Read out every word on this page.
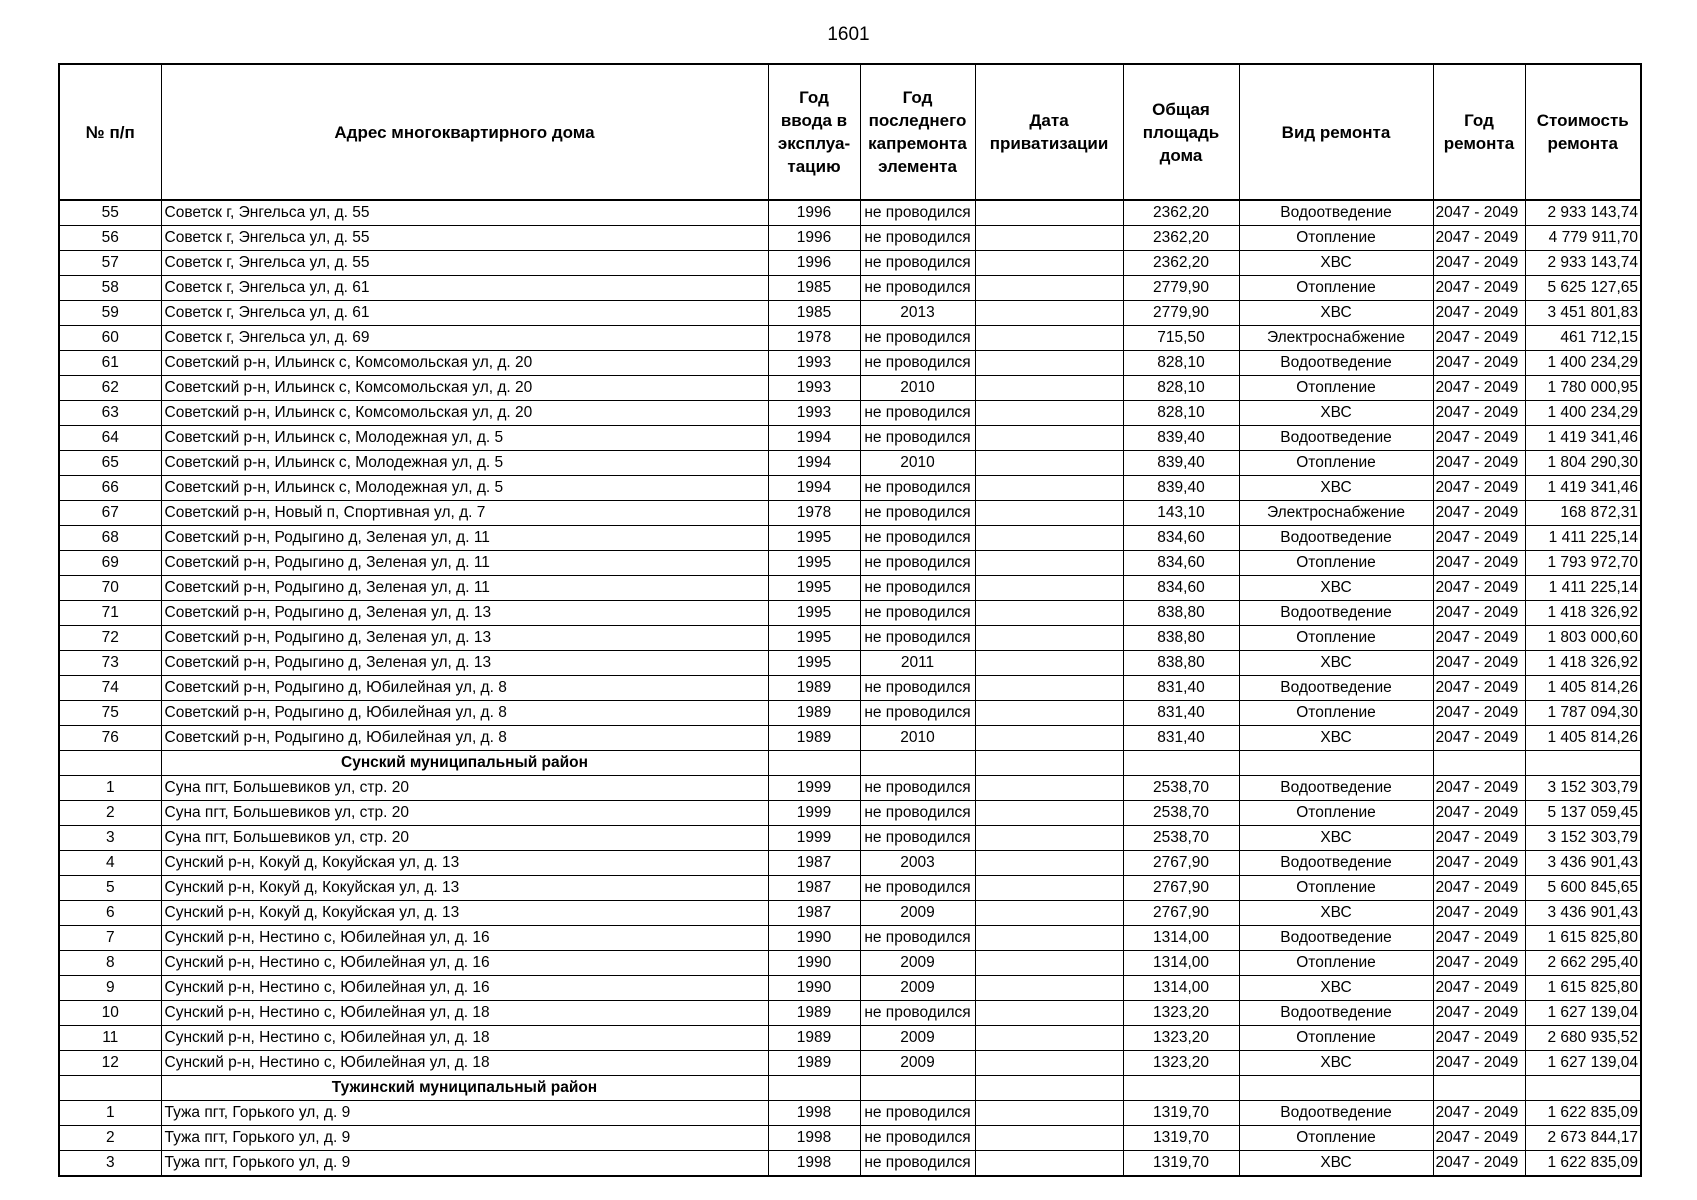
1601
№ п/п	Адрес многоквартирного дома	Год ввода в эксплуа- тацию	Год последнего капремонта элемента	Дата приватизации	Общая площадь дома	Вид ремонта	Год ремонта	Стоимость ремонта
55	Советск г, Энгельса ул, д. 55	1996	не проводился		2362,20	Водоотведение	2047 - 2049	2 933 143,74
56	Советск г, Энгельса ул, д. 55	1996	не проводился		2362,20	Отопление	2047 - 2049	4 779 911,70
57	Советск г, Энгельса ул, д. 55	1996	не проводился		2362,20	ХВС	2047 - 2049	2 933 143,74
58	Советск г, Энгельса ул, д. 61	1985	не проводился		2779,90	Отопление	2047 - 2049	5 625 127,65
59	Советск г, Энгельса ул, д. 61	1985	2013		2779,90	ХВС	2047 - 2049	3 451 801,83
60	Советск г, Энгельса ул, д. 69	1978	не проводился		715,50	Электроснабжение	2047 - 2049	461 712,15
61	Советский р-н, Ильинск с, Комсомольская ул, д. 20	1993	не проводился		828,10	Водоотведение	2047 - 2049	1 400 234,29
62	Советский р-н, Ильинск с, Комсомольская ул, д. 20	1993	2010		828,10	Отопление	2047 - 2049	1 780 000,95
63	Советский р-н, Ильинск с, Комсомольская ул, д. 20	1993	не проводился		828,10	ХВС	2047 - 2049	1 400 234,29
64	Советский р-н, Ильинск с, Молодежная ул, д. 5	1994	не проводился		839,40	Водоотведение	2047 - 2049	1 419 341,46
65	Советский р-н, Ильинск с, Молодежная ул, д. 5	1994	2010		839,40	Отопление	2047 - 2049	1 804 290,30
66	Советский р-н, Ильинск с, Молодежная ул, д. 5	1994	не проводился		839,40	ХВС	2047 - 2049	1 419 341,46
67	Советский р-н, Новый п, Спортивная ул, д. 7	1978	не проводился		143,10	Электроснабжение	2047 - 2049	168 872,31
68	Советский р-н, Родыгино д, Зеленая ул, д. 11	1995	не проводился		834,60	Водоотведение	2047 - 2049	1 411 225,14
69	Советский р-н, Родыгино д, Зеленая ул, д. 11	1995	не проводился		834,60	Отопление	2047 - 2049	1 793 972,70
70	Советский р-н, Родыгино д, Зеленая ул, д. 11	1995	не проводился		834,60	ХВС	2047 - 2049	1 411 225,14
71	Советский р-н, Родыгино д, Зеленая ул, д. 13	1995	не проводился		838,80	Водоотведение	2047 - 2049	1 418 326,92
72	Советский р-н, Родыгино д, Зеленая ул, д. 13	1995	не проводился		838,80	Отопление	2047 - 2049	1 803 000,60
73	Советский р-н, Родыгино д, Зеленая ул, д. 13	1995	2011		838,80	ХВС	2047 - 2049	1 418 326,92
74	Советский р-н, Родыгино д, Юбилейная ул, д. 8	1989	не проводился		831,40	Водоотведение	2047 - 2049	1 405 814,26
75	Советский р-н, Родыгино д, Юбилейная ул, д. 8	1989	не проводился		831,40	Отопление	2047 - 2049	1 787 094,30
76	Советский р-н, Родыгино д, Юбилейная ул, д. 8	1989	2010		831,40	ХВС	2047 - 2049	1 405 814,26
	Сунский муниципальный район							
1	Суна пгт, Большевиков ул, стр. 20	1999	не проводился		2538,70	Водоотведение	2047 - 2049	3 152 303,79
2	Суна пгт, Большевиков ул, стр. 20	1999	не проводился		2538,70	Отопление	2047 - 2049	5 137 059,45
3	Суна пгт, Большевиков ул, стр. 20	1999	не проводился		2538,70	ХВС	2047 - 2049	3 152 303,79
4	Сунский р-н, Кокуй д, Кокуйская ул, д. 13	1987	2003		2767,90	Водоотведение	2047 - 2049	3 436 901,43
5	Сунский р-н, Кокуй д, Кокуйская ул, д. 13	1987	не проводился		2767,90	Отопление	2047 - 2049	5 600 845,65
6	Сунский р-н, Кокуй д, Кокуйская ул, д. 13	1987	2009		2767,90	ХВС	2047 - 2049	3 436 901,43
7	Сунский р-н, Нестино с, Юбилейная ул, д. 16	1990	не проводился		1314,00	Водоотведение	2047 - 2049	1 615 825,80
8	Сунский р-н, Нестино с, Юбилейная ул, д. 16	1990	2009		1314,00	Отопление	2047 - 2049	2 662 295,40
9	Сунский р-н, Нестино с, Юбилейная ул, д. 16	1990	2009		1314,00	ХВС	2047 - 2049	1 615 825,80
10	Сунский р-н, Нестино с, Юбилейная ул, д. 18	1989	не проводился		1323,20	Водоотведение	2047 - 2049	1 627 139,04
11	Сунский р-н, Нестино с, Юбилейная ул, д. 18	1989	2009		1323,20	Отопление	2047 - 2049	2 680 935,52
12	Сунский р-н, Нестино с, Юбилейная ул, д. 18	1989	2009		1323,20	ХВС	2047 - 2049	1 627 139,04
	Тужинский муниципальный район							
1	Тужа пгт, Горького ул, д. 9	1998	не проводился		1319,70	Водоотведение	2047 - 2049	1 622 835,09
2	Тужа пгт, Горького ул, д. 9	1998	не проводился		1319,70	Отопление	2047 - 2049	2 673 844,17
3	Тужа пгт, Горького ул, д. 9	1998	не проводился		1319,70	ХВС	2047 - 2049	1 622 835,09
